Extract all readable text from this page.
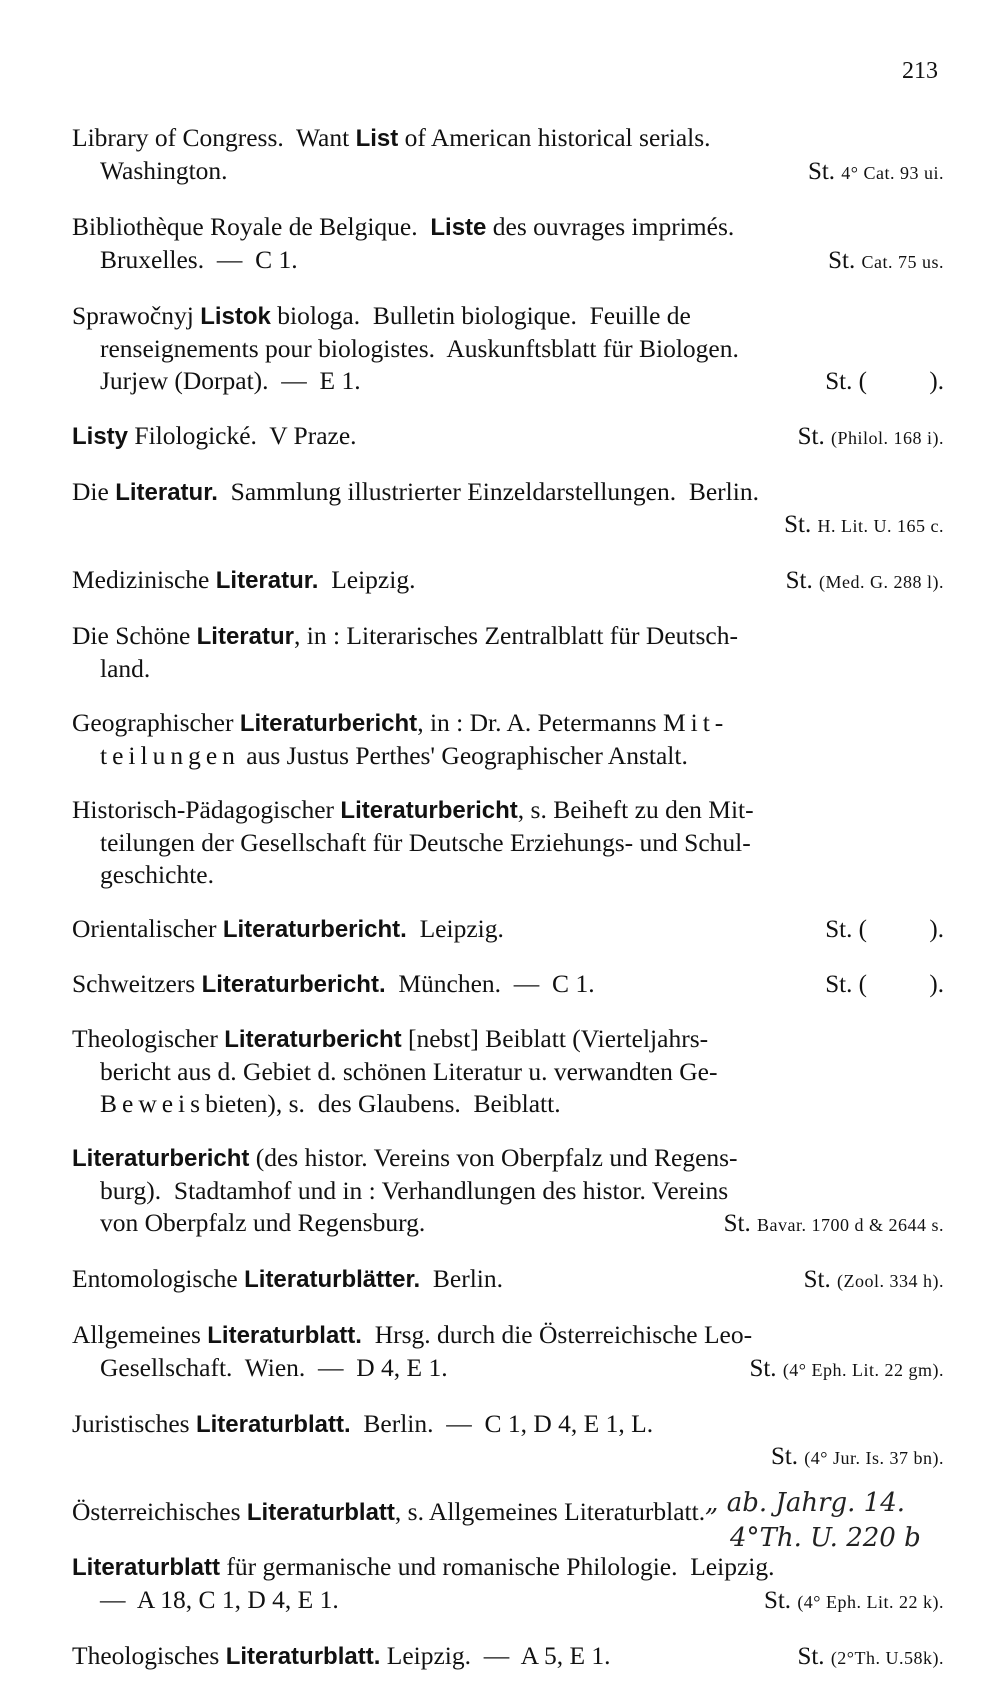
213
Library of Congress.  Want List of American historical serials.
Washington.	St. 4° Cat. 93 ui.
Bibliothèque Royale de Belgique.  Liste des ouvrages imprimés.
Bruxelles.  —  C 1.	St. Cat. 75 us.
Sprawočnyj Listok biologa.  Bulletin biologique.  Feuille de
renseignements pour biologistes.  Auskunftsblatt für Biologen.
Jurjew (Dorpat).  —  E 1.	St. (          ).
Listy Filologické.  V Praze.	St. (Philol. 168 i).
Die Literatur.  Sammlung illustrierter Einzeldarstellungen.  Berlin.
St. H. Lit. U. 165 c.
Medizinische Literatur.  Leipzig.	St. (Med. G. 288 l).
Die Schöne Literatur, in : Literarisches Zentralblatt für Deutsch-
land.
Geographischer Literaturbericht, in : Dr. A. Petermanns Mit-
teilungen aus Justus Perthes' Geographischer Anstalt.
Historisch-Pädagogischer Literaturbericht, s. Beiheft zu den Mit-
teilungen der Gesellschaft für Deutsche Erziehungs- und Schul-
geschichte.
Orientalischer Literaturbericht.  Leipzig.	St. (          ).
Schweitzers Literaturbericht.  München.  —  C 1.	St. (          ).
Theologischer Literaturbericht [nebst] Beiblatt (Vierteljahrs-
bericht aus d. Gebiet d. schönen Literatur u. verwandten Ge-
Beweisbieten), s.  des Glaubens.  Beiblatt.
Literaturbericht (des histor. Vereins von Oberpfalz und Regens-
burg).  Stadtamhof und in : Verhandlungen des histor. Vereins
von Oberpfalz und Regensburg.	St. Bavar. 1700 d & 2644 s.
Entomologische Literaturblätter.  Berlin.	St. (Zool. 334 h).
Allgemeines Literaturblatt.  Hrsg. durch die Österreichische Leo-
Gesellschaft.  Wien.  —  D 4, E 1.	St. (4° Eph. Lit. 22 gm).
Juristisches Literaturblatt.  Berlin.  —  C 1, D 4, E 1, L.
St. (4° Jur. Is. 37 bn).
Österreichisches Literaturblatt, s. Allgemeines Literaturblatt.
Literaturblatt für germanische und romanische Philologie.  Leipzig.
—  A 18, C 1, D 4, E 1.	St. (4° Eph. Lit. 22 k).
Theologisches Literaturblatt. Leipzig.  —  A 5, E 1.	St. (2°Th. U.58k).
„ ab. Jahrg. 14.
4°Th. U. 220 b
